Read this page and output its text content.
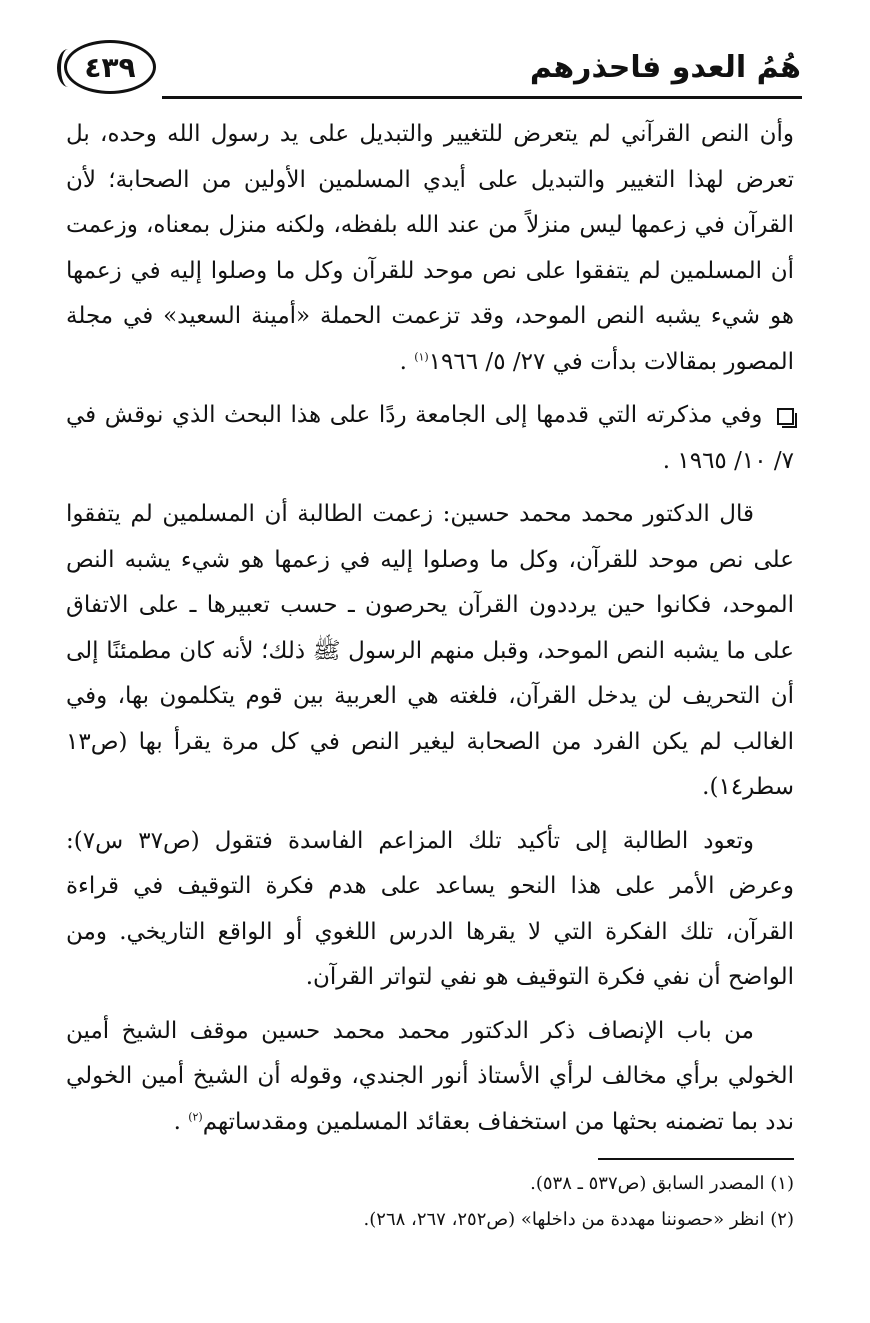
٤٣٩	هُمُ العدو فاحذرهم

وأن النص القرآني لم يتعرض للتغيير والتبديل على يد رسول الله وحده، بل تعرض لهذا التغيير والتبديل على أيدي المسلمين الأولين من الصحابة؛ لأن القرآن في زعمها ليس منزلاً من عند الله بلفظه، ولكنه منزل بمعناه، وزعمت أن المسلمين لم يتفقوا على نص موحد للقرآن وكل ما وصلوا إليه في زعمها هو شيء يشبه النص الموحد، وقد تزعمت الحملة «أمينة السعيد» في مجلة المصور بمقالات بدأت في ٢٧/ ٥/ ١٩٦٦$^{(١)}$ .

وفي مذكرته التي قدمها إلى الجامعة ردًا على هذا البحث الذي نوقش في ٧/ ١٠/ ١٩٦٥ .

قال الدكتور محمد محمد حسين: زعمت الطالبة أن المسلمين لم يتفقوا على نص موحد للقرآن، وكل ما وصلوا إليه في زعمها هو شيء يشبه النص الموحد، فكانوا حين يرددون القرآن يحرصون ـ حسب تعبيرها ـ على الاتفاق على ما يشبه النص الموحد، وقبل منهم الرسول ﷺ ذلك؛ لأنه كان مطمئنًا إلى أن التحريف لن يدخل القرآن، فلغته هي العربية بين قوم يتكلمون بها، وفي الغالب لم يكن الفرد من الصحابة ليغير النص في كل مرة يقرأ بها (ص١٣ سطر١٤).

وتعود الطالبة إلى تأكيد تلك المزاعم الفاسدة فتقول (ص٣٧ س٧): وعرض الأمر على هذا النحو يساعد على هدم فكرة التوقيف في قراءة القرآن، تلك الفكرة التي لا يقرها الدرس اللغوي أو الواقع التاريخي. ومن الواضح أن نفي فكرة التوقيف هو نفي لتواتر القرآن.

من باب الإنصاف ذكر الدكتور محمد محمد حسين موقف الشيخ أمين الخولي برأي مخالف لرأي الأستاذ أنور الجندي، وقوله أن الشيخ أمين الخولي ندد بما تضمنه بحثها من استخفاف بعقائد المسلمين ومقدساتهم$^{(٢)}$ .

(١) المصدر السابق (ص٥٣٧ ـ ٥٣٨).

(٢) انظر «حصوننا مهددة من داخلها» (ص٢٥٢، ٢٦٧، ٢٦٨).
